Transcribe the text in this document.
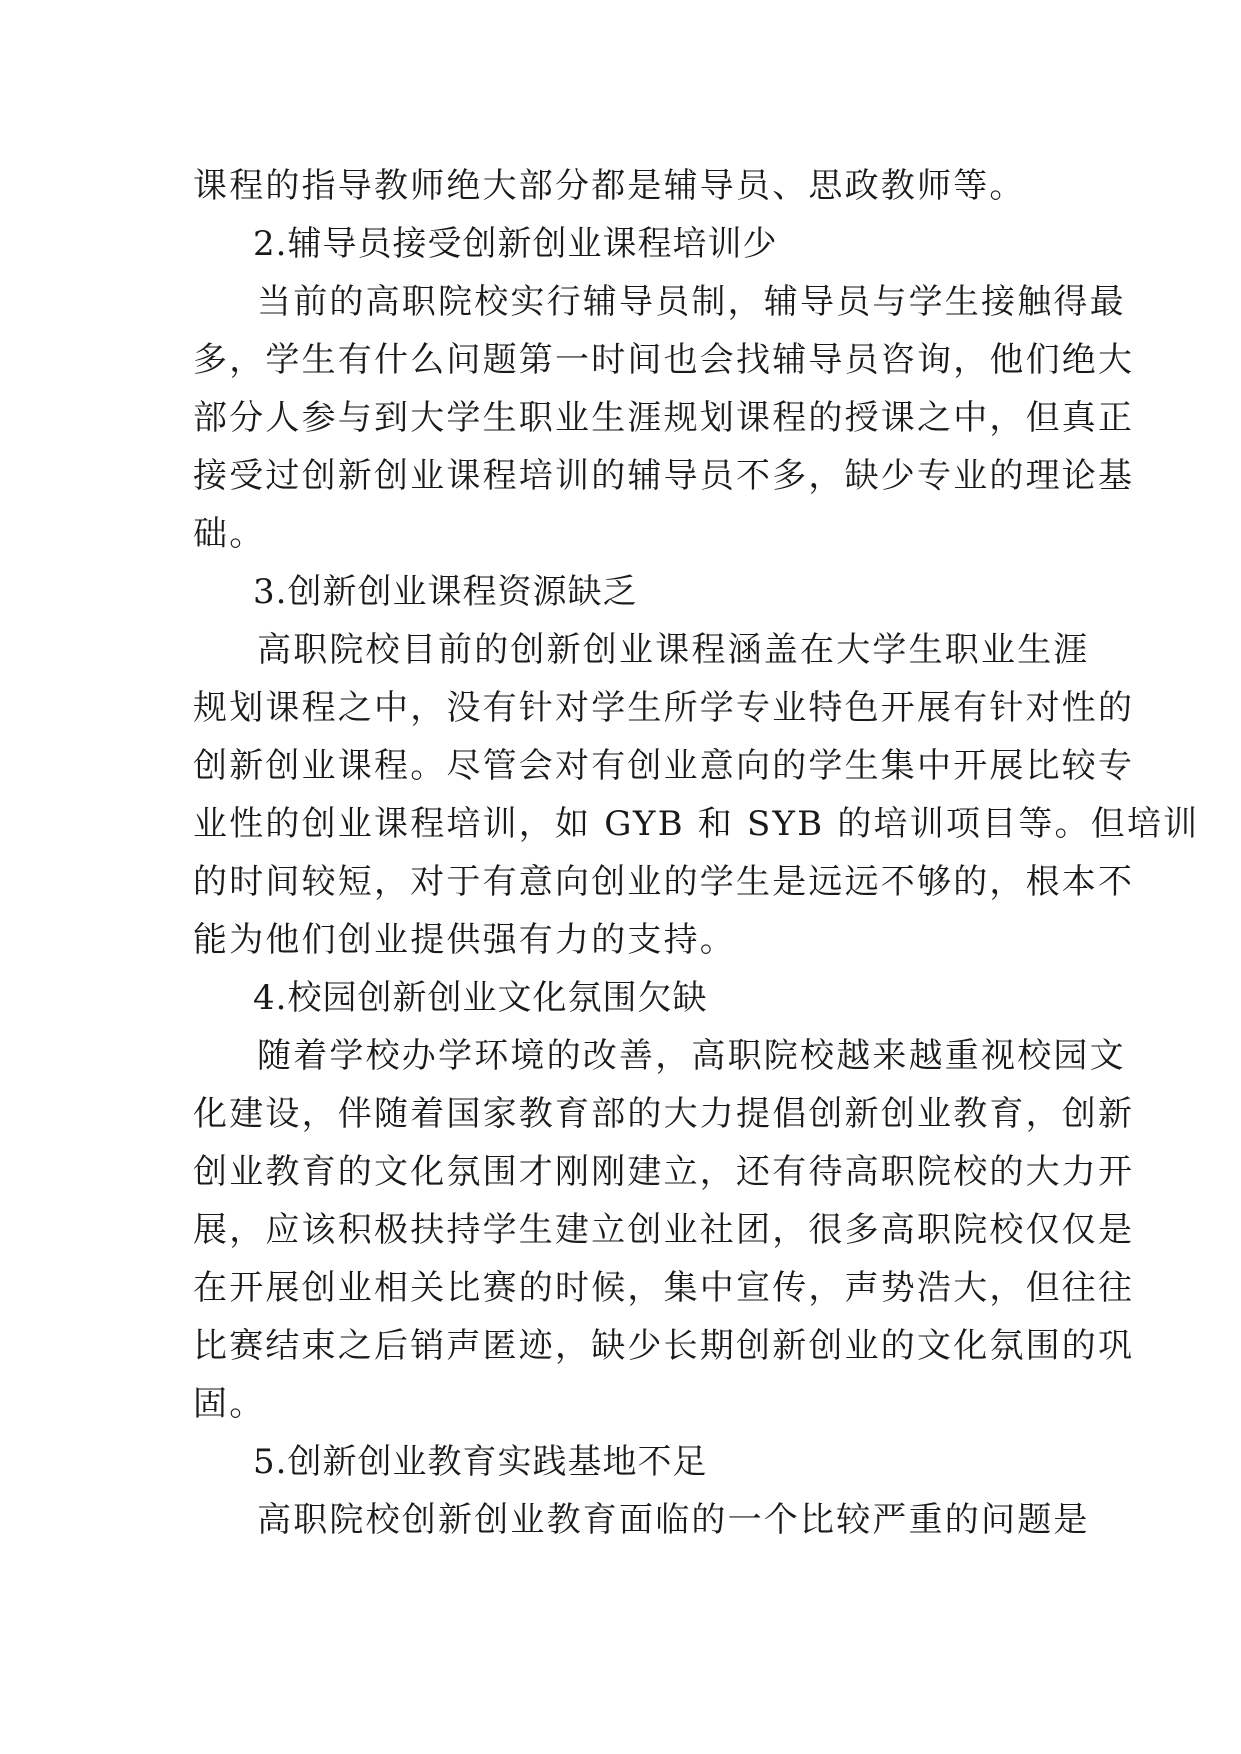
课程的指导教师绝大部分都是辅导员、思政教师等。
2.辅导员接受创新创业课程培训少
当前的高职院校实行辅导员制，辅导员与学生接触得最
多，学生有什么问题第一时间也会找辅导员咨询，他们绝大
部分人参与到大学生职业生涯规划课程的授课之中，但真正
接受过创新创业课程培训的辅导员不多，缺少专业的理论基
础。
3.创新创业课程资源缺乏
高职院校目前的创新创业课程涵盖在大学生职业生涯
规划课程之中，没有针对学生所学专业特色开展有针对性的
创新创业课程。尽管会对有创业意向的学生集中开展比较专
业性的创业课程培训，如 GYB 和 SYB 的培训项目等。但培训
的时间较短，对于有意向创业的学生是远远不够的，根本不
能为他们创业提供强有力的支持。
4.校园创新创业文化氛围欠缺
随着学校办学环境的改善，高职院校越来越重视校园文
化建设，伴随着国家教育部的大力提倡创新创业教育，创新
创业教育的文化氛围才刚刚建立，还有待高职院校的大力开
展，应该积极扶持学生建立创业社团，很多高职院校仅仅是
在开展创业相关比赛的时候，集中宣传，声势浩大，但往往
比赛结束之后销声匿迹，缺少长期创新创业的文化氛围的巩
固。
5.创新创业教育实践基地不足
高职院校创新创业教育面临的一个比较严重的问题是
